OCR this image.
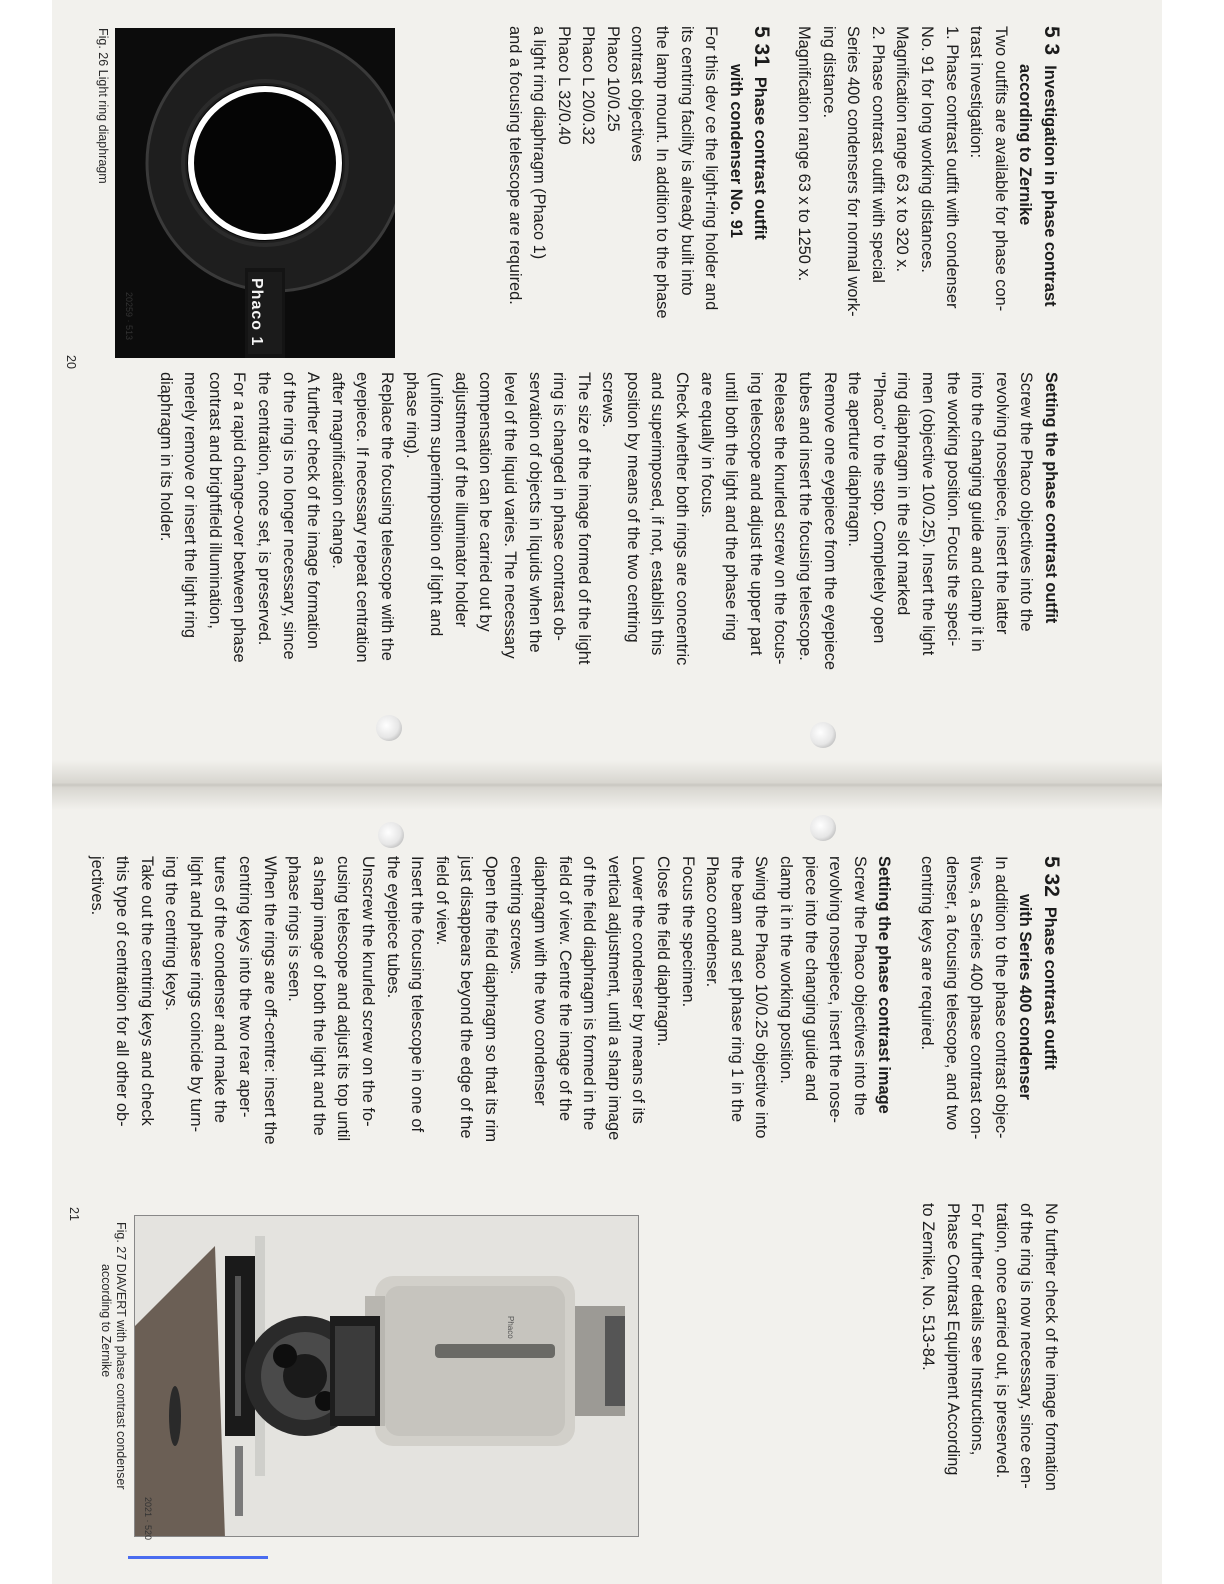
5 3Investigation in phase contrast

according to Zernike

Two outfits are available for phase con-

trast investigation:

1. Phase contrast outfit with condenser

No. 91 for long working distances.

Magnification range 63 x to 320 x.

2. Phase contrast outfit with special

Series 400 condensers for normal work-

ing distance.

Magnification range 63 x to 1250 x.

5 31Phase contrast outfit

with condenser No. 91

For this dev ce the light-ring holder and

its centring facility is already built into

the lamp mount. In addition to the phase

contrast objectives

Phaco 10/0.25

Phaco L 20/0.32

Phaco L 32/0.40

a light ring diaphragm (Phaco 1)

and a focusing telescope are required.

Setting the phase contrast outfit

Screw the Phaco objectives into the

revolving nosepiece, insert the latter

into the changing guide and clamp it in

the working position. Focus the speci-

men (objective 10/0.25). Insert the light

ring diaphragm in the slot marked

"Phaco" to the stop. Completely open

the aperture diaphragm.

Remove one eyepiece from the eyepiece

tubes and insert the focusing telescope.

Release the knurled screw on the focus-

ing telescope and adjust the upper part

until both the light and the phase ring

are equally in focus.

Check whether both rings are concentric

and superimposed, if not, establish this

position by means of the two centring

screws.

The size of the image formed of the light

ring is changed in phase contrast ob-

servation of objects in liquids when the

level of the liquid varies. The necessary

compensation can be carried out by

adjustment of the illuminator holder

(uniform superimposition of light and

phase ring).

Replace the focusing telescope with the

eyepiece. If necessary repeat centration

after magnification change.

A further check of the image formation

of the ring is no longer necessary, since

the centration, once set, is preserved.

For a rapid change-over between phase

contrast and brightfield illumination,

merely remove or insert the light ring

diaphragm in its holder.

Phaco 1
20259 · 513
Fig. 26 Light ring diaphragm
20

5 32Phase contrast outfit

with Series 400 condenser

In addition to the phase contrast objec-

tives, a Series 400 phase contrast con-

denser, a focusing telescope, and two

centring keys are required.

Setting the phase contrast image

Screw the Phaco objectives into the

revolving nosepiece, insert the nose-

piece into the changing guide and

clamp it in the working position.

Swing the Phaco 10/0.25 objective into

the beam and set phase ring 1 in the

Phaco condenser.

Focus the specimen.

Close the field diaphragm.

Lower the condenser by means of its

vertical adjustment, until a sharp image

of the field diaphragm is formed in the

field of view. Centre the image of the

diaphragm with the two condenser

centring screws.

Open the field diaphragm so that its rim

just disappears beyond the edge of the

field of view.

Insert the focusing telescope in one of

the eyepiece tubes.

Unscrew the knurled screw on the fo-

cusing telescope and adjust its top until

a sharp image of both the light and the

phase rings is seen.

When the rings are off-centre: insert the

centring keys into the two rear aper-

tures of the condenser and make the

light and phase rings coincide by turn-

ing the centring keys.

Take out the centring keys and check

this type of centration for all other ob-

jectives.

No further check of the image formation

of the ring is now necessary, since cen-

tration, once carried out, is preserved.

For further details see Instructions,

Phase Contrast Equipment According

to Zernike, No. 513-84.

Phaco
2021 · 520
Fig. 27 DIAVERT with phase contrast condenser
according to Zernike
21
